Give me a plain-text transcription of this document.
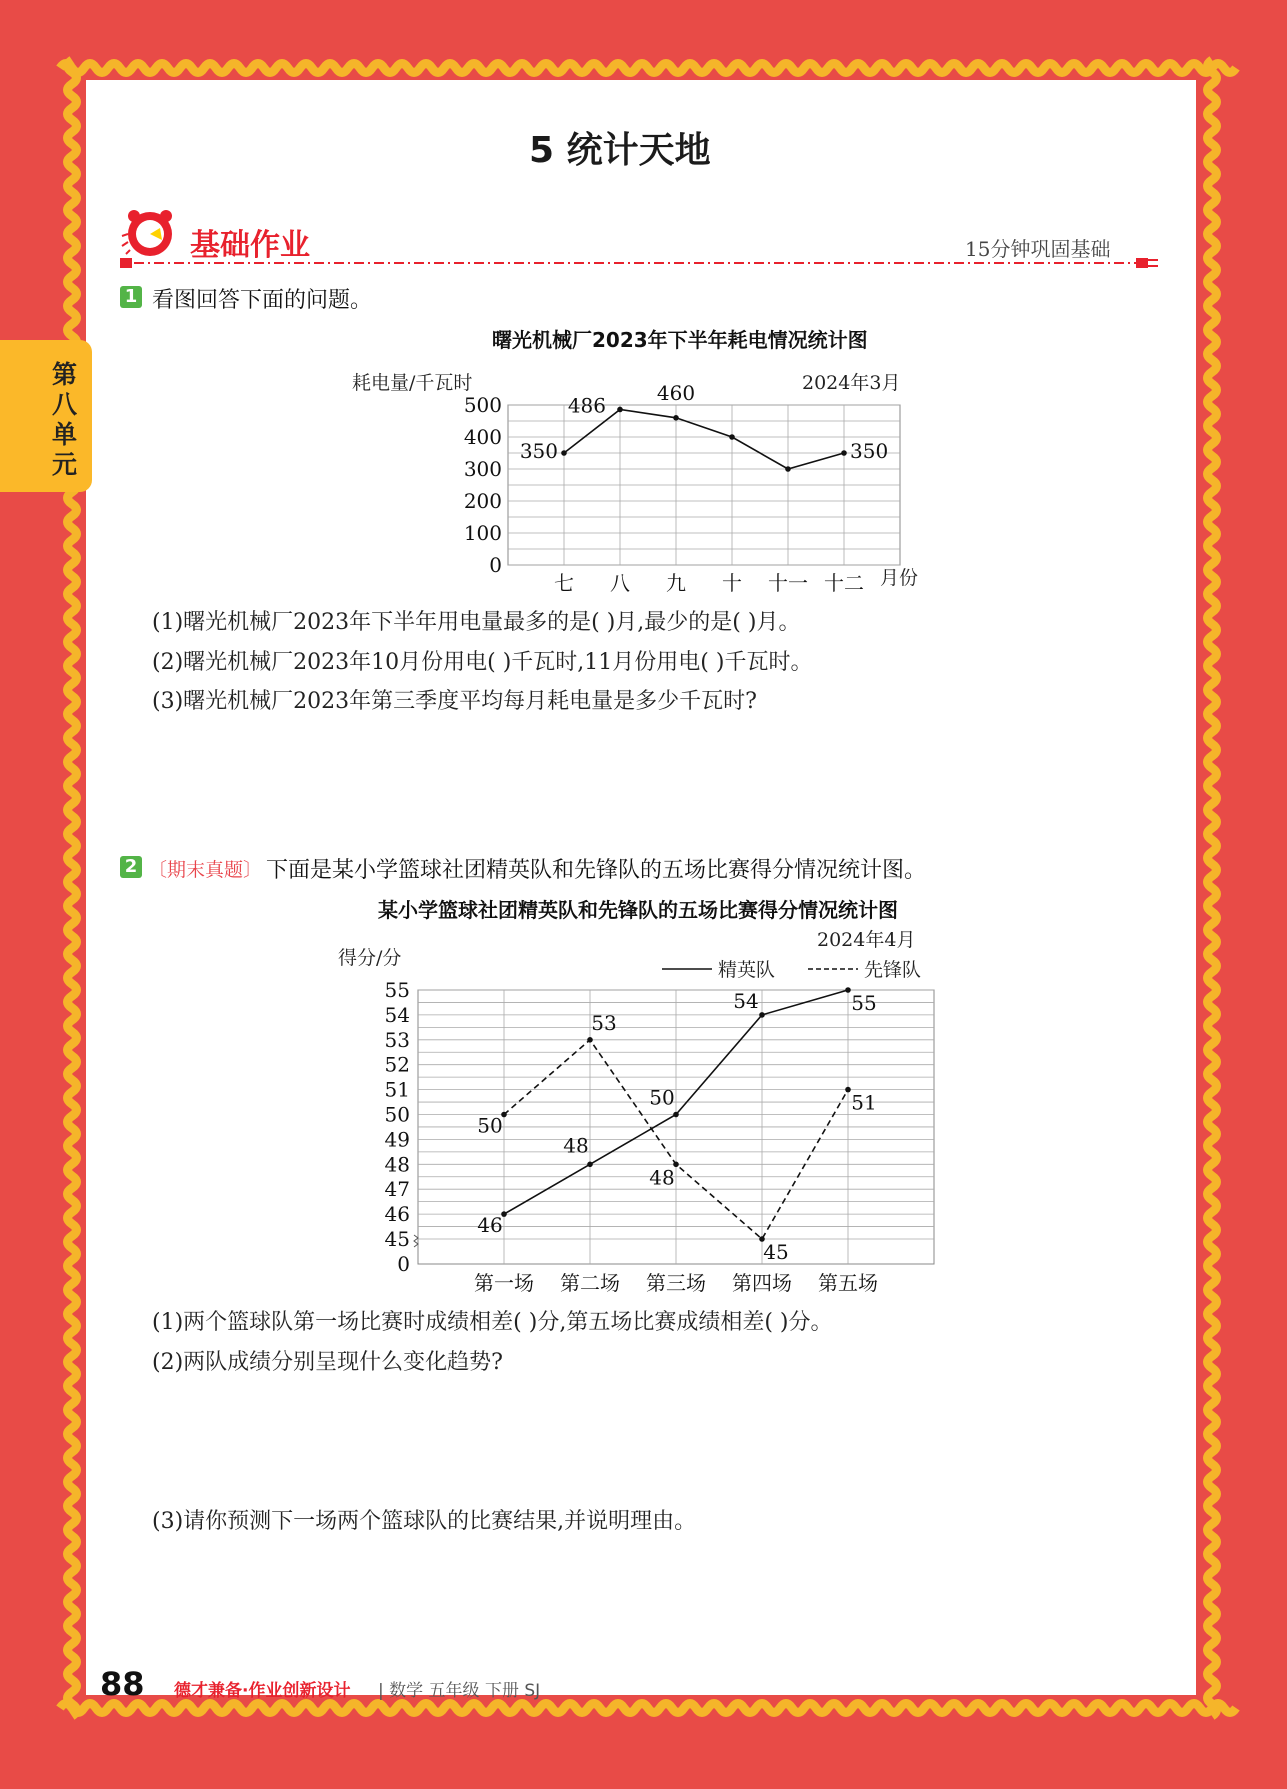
第八单元
5 统计天地
基础作业	15分钟巩固基础
1 看图回答下面的问题。
曙光机械厂2023年下半年耗电情况统计图
0
100
200
300
400
500
七 八 九 十 十一 十二
350
486
460
350
耗电量/千瓦时	2024年3月
月份
(1)曙光机械厂2023年下半年用电量最多的是( )月,最少的是( )月。
(2)曙光机械厂2023年10月份用电( )千瓦时,11月份用电( )千瓦时。
(3)曙光机械厂2023年第三季度平均每月耗电量是多少千瓦时?
2 〔期末真题〕 下面是某小学篮球社团精英队和先锋队的五场比赛得分情况统计图。
某小学篮球社团精英队和先锋队的五场比赛得分情况统计图
0
45
46
47
48
49
50
51
52
53
54
55
第一场 第二场 第三场 第四场 第五场
46
48
50
54	55
50
53
48
45
51
得分/分
2024年4月
精英队	先锋队
(1)两个篮球队第一场比赛时成绩相差( )分,第五场比赛成绩相差( )分。
(2)两队成绩分别呈现什么变化趋势?
(3)请你预测下一场两个篮球队的比赛结果,并说明理由。
88 德才兼备·作业创新设计 | 数学 五年级 下册 SJ
